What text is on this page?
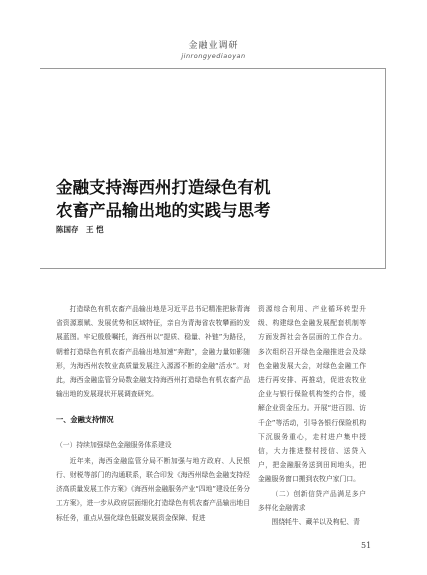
金融业调研
jinrongyediaoyan
金融支持海西州打造绿色有机
农畜产品输出地的实践与思考
陈国存　王 恺

打造绿色有机农畜产品输出地是习近平总书记精准把脉青海省资源禀赋、发展优势和区域特征，亲自为青海省农牧攀画的发展蓝图。牢记殷殷嘱托，海西州以“提质、稳量、补链”为路径，朝着打造绿色有机农畜产品输出地加速“奔跑”，金融力量如影随形，为海西州农牧业高质量发展注入源源不断的金融“活水”。对此，海西金融监管分局数金融支持海西州打造绿色有机农畜产品输出地的发展现状开展调查研究。

一、金融支持情况

（一）持续加强绿色金融服务体系建设

近年来，海西金融监管分局不断加强与地方政府、人民银行、财税等部门的沟通联系，联合印发《海西州绿色金融支持经济高质量发展工作方案》《海西州金融服务产业“四地”建设任务分工方案》，进一步从政府层面细化打造绿色有机农畜产品输出地目标任务，重点从强化绿色低碳发展资金保障、促进

资源综合利用、产业循环转型升级、构建绿色金融发展配套机制等方面发挥社会各层面的工作合力。多次组织召开绿色金融推进会及绿色金融发展大会，对绿色金融工作进行再安排、再推动，促进农牧业企业与银行保险机构签约合作，缓解企业资金压力。开展“进百园、访千企”等活动，引导各银行保险机构下沉服务重心，走村进户集中授信，大力推进整村授信、送贷入户，把金融服务送到田间地头，把金融服务窗口搬到农牧户家门口。

（二）创新信贷产品满足多户多样化金融需求

围绕牦牛、藏羊以及枸杞、青

51
